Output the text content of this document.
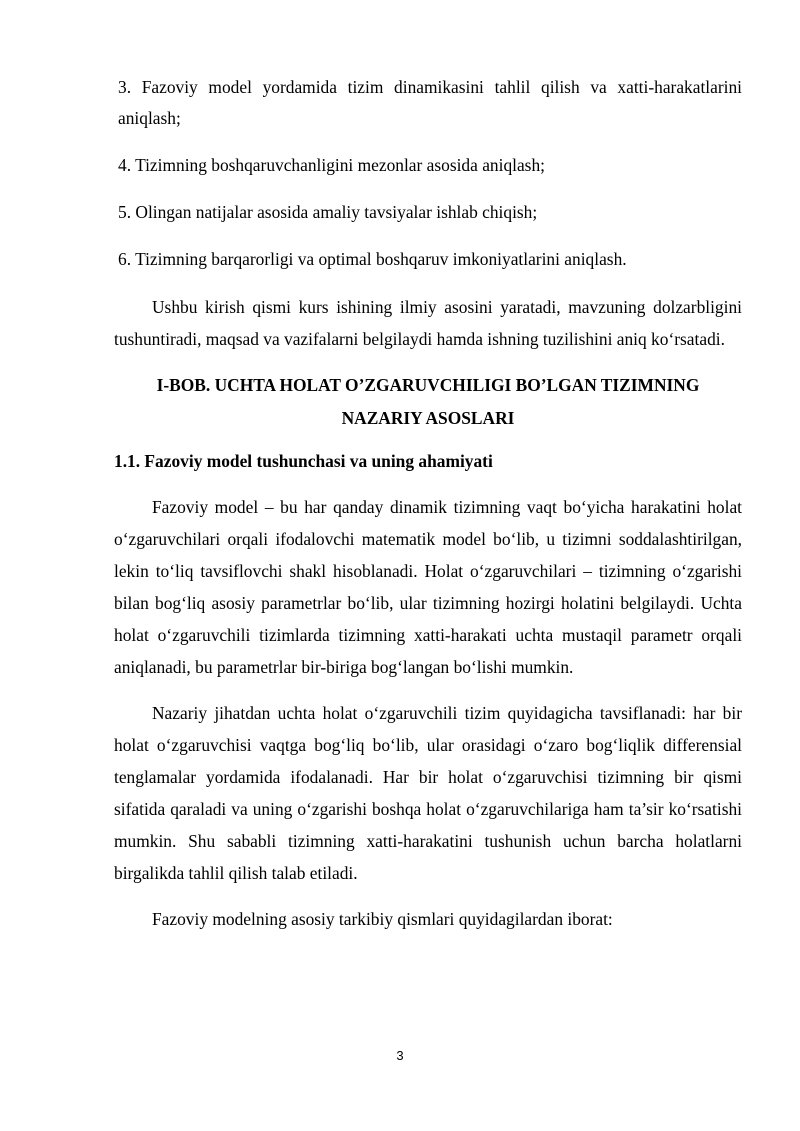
3. Fazoviy model yordamida tizim dinamikasini tahlil qilish va xatti-harakatlarini aniqlash;
4. Tizimning boshqaruvchanligini mezonlar asosida aniqlash;
5. Olingan natijalar asosida amaliy tavsiyalar ishlab chiqish;
6. Tizimning barqarorligi va optimal boshqaruv imkoniyatlarini aniqlash.

Ushbu kirish qismi kurs ishining ilmiy asosini yaratadi, mavzuning dolzarbligini tushuntiradi, maqsad va vazifalarni belgilaydi hamda ishning tuzilishini aniq ko‘rsatadi.

I-BOB. UCHTA HOLAT O’ZGARUVCHILIGI BO’LGAN TIZIMNING NAZARIY ASOSLARI
1.1. Fazoviy model tushunchasi va uning ahamiyati

Fazoviy model – bu har qanday dinamik tizimning vaqt bo‘yicha harakatini holat o‘zgaruvchilari orqali ifodalovchi matematik model bo‘lib, u tizimni soddalashtirilgan, lekin to‘liq tavsiflovchi shakl hisoblanadi. Holat o‘zgaruvchilari – tizimning o‘zgarishi bilan bog‘liq asosiy parametrlar bo‘lib, ular tizimning hozirgi holatini belgilaydi. Uchta holat o‘zgaruvchili tizimlarda tizimning xatti-harakati uchta mustaqil parametr orqali aniqlanadi, bu parametrlar bir-biriga bog‘langan bo‘lishi mumkin.

Nazariy jihatdan uchta holat o‘zgaruvchili tizim quyidagicha tavsiflanadi: har bir holat o‘zgaruvchisi vaqtga bog‘liq bo‘lib, ular orasidagi o‘zaro bog‘liqlik differensial tenglamalar yordamida ifodalanadi. Har bir holat o‘zgaruvchisi tizimning bir qismi sifatida qaraladi va uning o‘zgarishi boshqa holat o‘zgaruvchilariga ham ta’sir ko‘rsatishi mumkin. Shu sababli tizimning xatti-harakatini tushunish uchun barcha holatlarni birgalikda tahlil qilish talab etiladi.

Fazoviy modelning asosiy tarkibiy qismlari quyidagilardan iborat:

3
